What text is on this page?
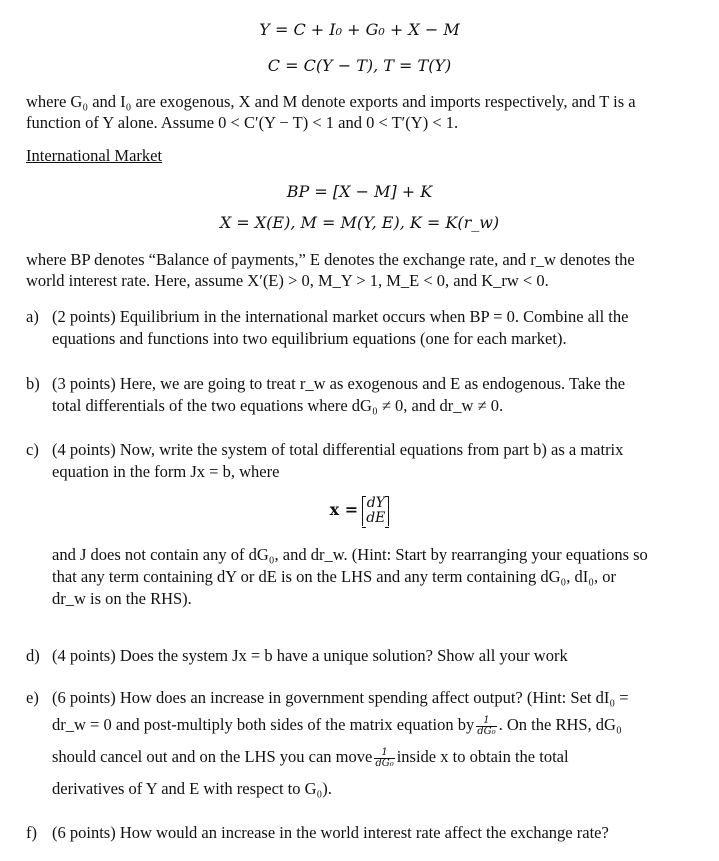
Y = C + I₀ + G₀ + X − M
C = C(Y − T), T = T(Y)
where G₀ and I₀ are exogenous, X and M denote exports and imports respectively, and T is a
function of Y alone. Assume 0 < C′(Y − T) < 1 and 0 < T′(Y) < 1.
International Market
BP = [X − M] + K
X = X(E), M = M(Y, E), K = K(r_w)
where BP denotes “Balance of payments,” E denotes the exchange rate, and r_w denotes the
world interest rate. Here, assume X′(E) > 0, M_Y > 1, M_E < 0, and K_rw < 0.
a) (2 points) Equilibrium in the international market occurs when BP = 0. Combine all the
equations and functions into two equilibrium equations (one for each market).
b) (3 points) Here, we are going to treat r_w as exogenous and E as endogenous. Take the
total differentials of the two equations where dG₀ ≠ 0, and dr_w ≠ 0.
c) (4 points) Now, write the system of total differential equations from part b) as a matrix
equation in the form Jx = b, where
x = dY
dE
and J does not contain any of dG₀, and dr_w. (Hint: Start by rearranging your equations so
that any term containing dY or dE is on the LHS and any term containing dG₀, dI₀, or
dr_w is on the RHS).
d) (4 points) Does the system Jx = b have a unique solution? Show all your work
e) (6 points) How does an increase in government spending affect output? (Hint: Set dI₀ =
dr_w = 0 and post-multiply both sides of the matrix equation by $\frac{1}{\text{dG₀}}$ . On the RHS, dG₀
should cancel out and on the LHS you can move $\frac{1}{\text{dG₀}}$ inside x to obtain the total
derivatives of Y and E with respect to G₀).
f) (6 points) How would an increase in the world interest rate affect the exchange rate?
